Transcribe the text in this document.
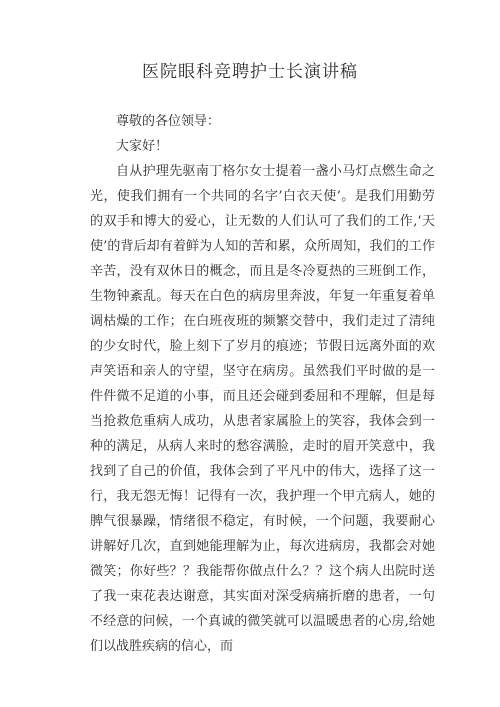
医院眼科竞聘护士长演讲稿

尊敬的各位领导：

大家好！

自从护理先驱南丁格尔女士提着一盏小马灯点燃生命之光，使我们拥有一个共同的名字’白衣天使’。是我们用勤劳的双手和博大的爱心，让无数的人们认可了我们的工作,‘天使’的背后却有着鲜为人知的苦和累，众所周知，我们的工作辛苦，没有双休日的概念，而且是冬冷夏热的三班倒工作，生物钟紊乱。每天在白色的病房里奔波，年复一年重复着单调枯燥的工作；在白班夜班的频繁交替中，我们走过了清纯的少女时代，脸上刻下了岁月的痕迹；节假日远离外面的欢声笑语和亲人的守望，坚守在病房。虽然我们平时做的是一件件微不足道的小事，而且还会碰到委屈和不理解，但是每当抢救危重病人成功，从患者家属脸上的笑容，我体会到一种的满足，从病人来时的愁容满脸，走时的眉开笑意中，我找到了自己的价值，我体会到了平凡中的伟大，选择了这一行，我无怨无悔！记得有一次，我护理一个甲亢病人，她的脾气很暴躁，情绪很不稳定，有时候，一个问题，我要耐心讲解好几次，直到她能理解为止，每次进病房，我都会对她微笑；你好些？？我能帮你做点什么？？这个病人出院时送了我一束花表达谢意，其实面对深受病痛折磨的患者，一句不经意的问候，一个真诚的微笑就可以温暖患者的心房,给她们以战胜疾病的信心，而
